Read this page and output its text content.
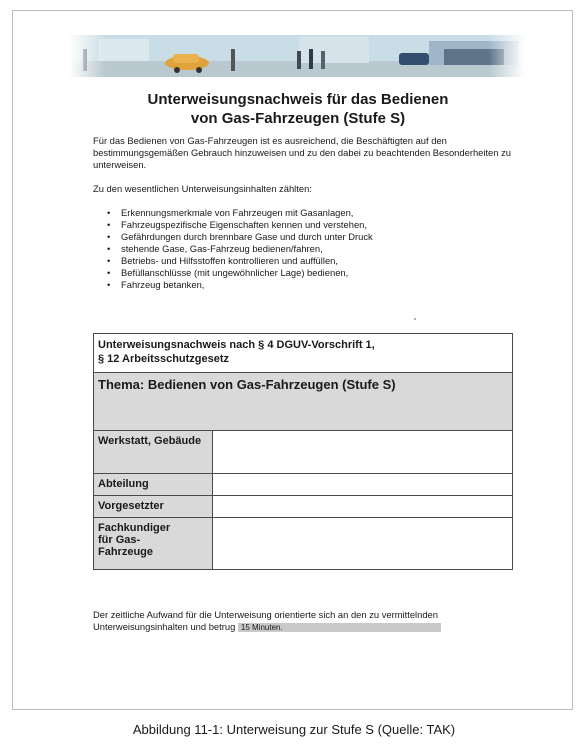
Unterweisungsnachweis für das Bedienen
von Gas-Fahrzeugen (Stufe S)
Für das Bedienen von Gas-Fahrzeugen ist es ausreichend, die Beschäftigten auf den bestimmungsgemäßen Gebrauch hinzuweisen und zu den dabei zu beachtenden Besonderheiten zu unterweisen.
Zu den wesentlichen Unterweisungsinhalten zählten:
• Erkennungsmerkmale von Fahrzeugen mit Gasanlagen,
• Fahrzeugspezifische Eigenschaften kennen und verstehen,
• Gefährdungen durch brennbare Gase und durch unter Druck
• stehende Gase, Gas-Fahrzeug bedienen/fahren,
• Betriebs- und Hilfsstoffen kontrollieren und auffüllen,
• Befüllanschlüsse (mit ungewöhnlicher Lage) bedienen,
• Fahrzeug betanken,
Unterweisungsnachweis nach § 4 DGUV-Vorschrift 1,
§ 12 Arbeitsschutzgesetz	

Thema: Bedienen von Gas-Fahrzeugen (Stufe S)	
Werkstatt, Gebäude	
Abteilung	
Vorgesetzter	
Fachkundiger
für Gas-
Fahrzeuge	
Der zeitliche Aufwand für die Unterweisung orientierte sich an den zu vermittelnden
Unterweisungsinhalten und betrug 15 Minuten.
Abbildung 11-1: Unterweisung zur Stufe S (Quelle: TAK)
